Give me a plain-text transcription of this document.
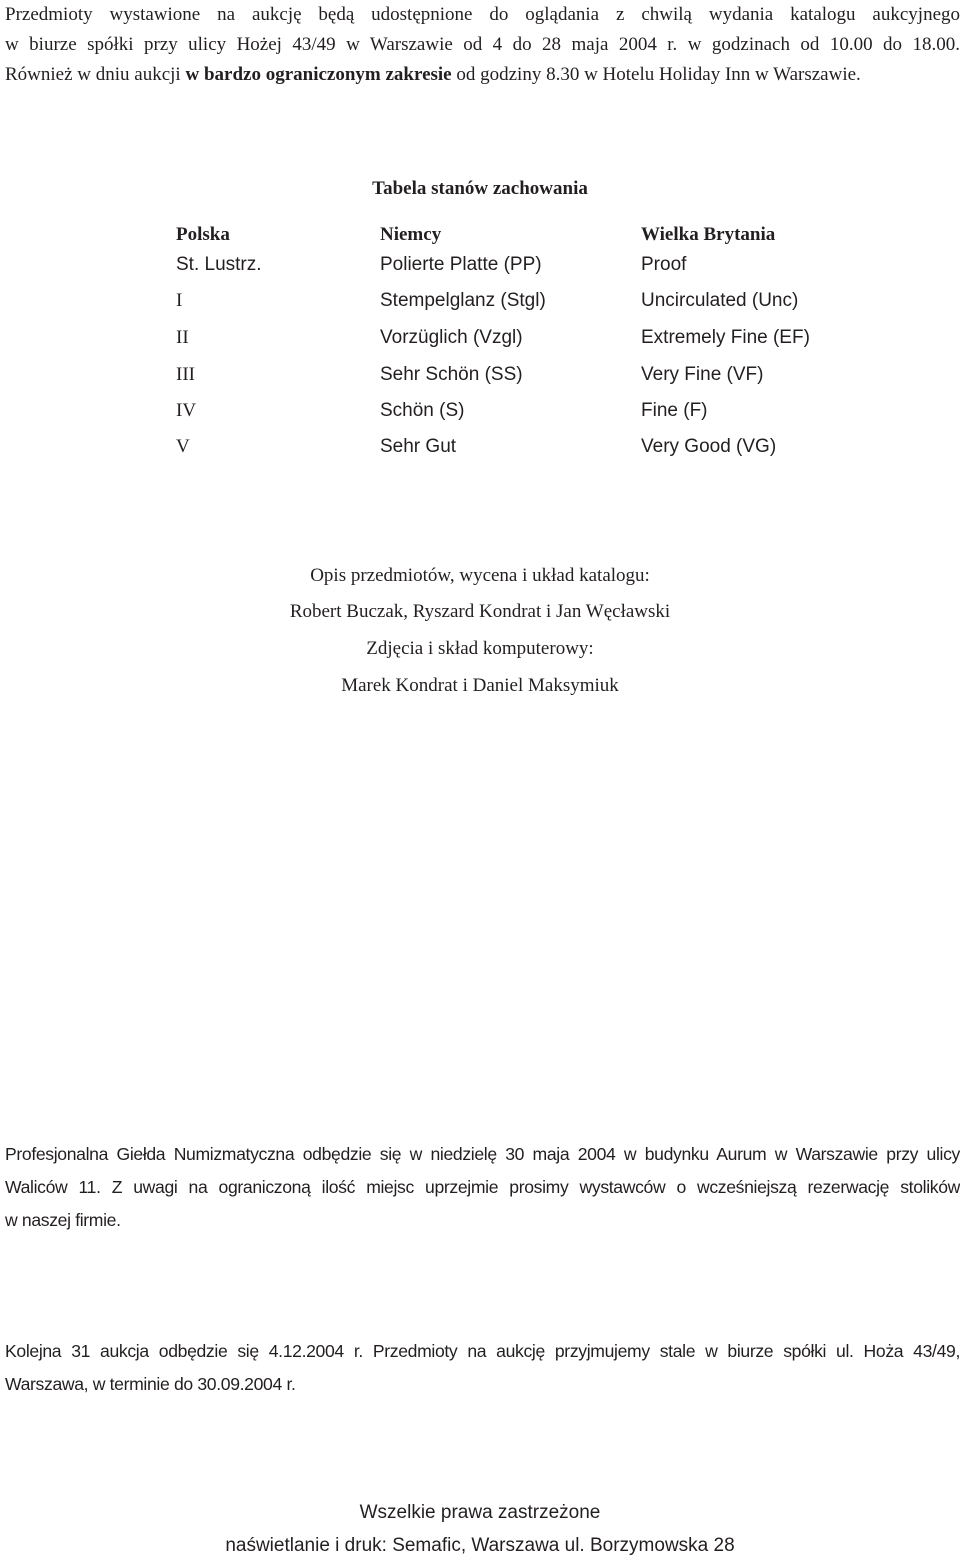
Przedmioty wystawione na aukcję będą udostępnione do oglądania z chwilą wydania katalogu aukcyjnego
w biurze spółki przy ulicy Hożej 43/49 w Warszawie od 4 do 28 maja 2004 r. w godzinach od 10.00 do 18.00.
Również w dniu aukcji w bardzo ograniczonym zakresie od godziny 8.30 w Hotelu Holiday Inn w Warszawie.
Tabela stanów zachowania
Polska	Niemcy	Wielka Brytania
St. Lustrz.	Polierte Platte (PP)	Proof
I	Stempelglanz (Stgl)	Uncirculated (Unc)
II	Vorzüglich (Vzgl)	Extremely Fine (EF)
III	Sehr Schön (SS)	Very Fine (VF)
IV	Schön (S)	Fine (F)
V	Sehr Gut	Very Good (VG)
Opis przedmiotów, wycena i układ katalogu:
Robert Buczak, Ryszard Kondrat i Jan Węcławski
Zdjęcia i skład komputerowy:
Marek Kondrat i Daniel Maksymiuk
Profesjonalna Giełda Numizmatyczna odbędzie się w niedzielę 30 maja 2004 w budynku Aurum w Warszawie przy ulicy
Waliców 11. Z uwagi na ograniczoną ilość miejsc uprzejmie prosimy wystawców o wcześniejszą rezerwację stolików
w naszej firmie.
Kolejna 31 aukcja odbędzie się 4.12.2004 r. Przedmioty na aukcję przyjmujemy stale w biurze spółki ul. Hoża 43/49,
Warszawa, w terminie do 30.09.2004 r.
Wszelkie prawa zastrzeżone
naświetlanie i druk: Semafic, Warszawa ul. Borzymowska 28
